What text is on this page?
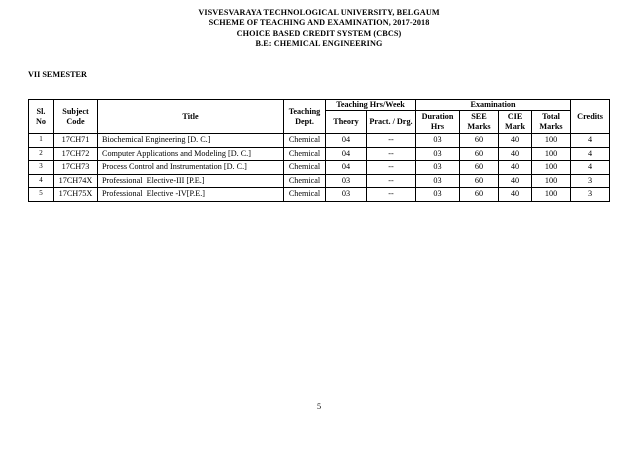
VISVESVARAYA TECHNOLOGICAL UNIVERSITY, BELGAUM
SCHEME OF TEACHING AND EXAMINATION, 2017-2018
CHOICE BASED CREDIT SYSTEM (CBCS)
B.E: CHEMICAL ENGINEERING
VII SEMESTER
Sl. No	Subject Code	Title	Teaching Dept.	Teaching Hrs/Week		Examination				Credits
				Theory	Pract. / Drg.	Duration Hrs	SEE Marks	CIE Mark	Total Marks	
1	17CH71	Biochemical Engineering [D. C.]	Chemical	04	--	03	60	40	100	4
2	17CH72	Computer Applications and Modeling [D. C.]	Chemical	04	--	03	60	40	100	4
3	17CH73	Process Control and Instrumentation [D. C.]	Chemical	04	--	03	60	40	100	4
4	17CH74X	Professional  Elective-III [P.E.]	Chemical	03	--	03	60	40	100	3
5	17CH75X	Professional  Elective -IV[P.E.]	Chemical	03	--	03	60	40	100	3
5
